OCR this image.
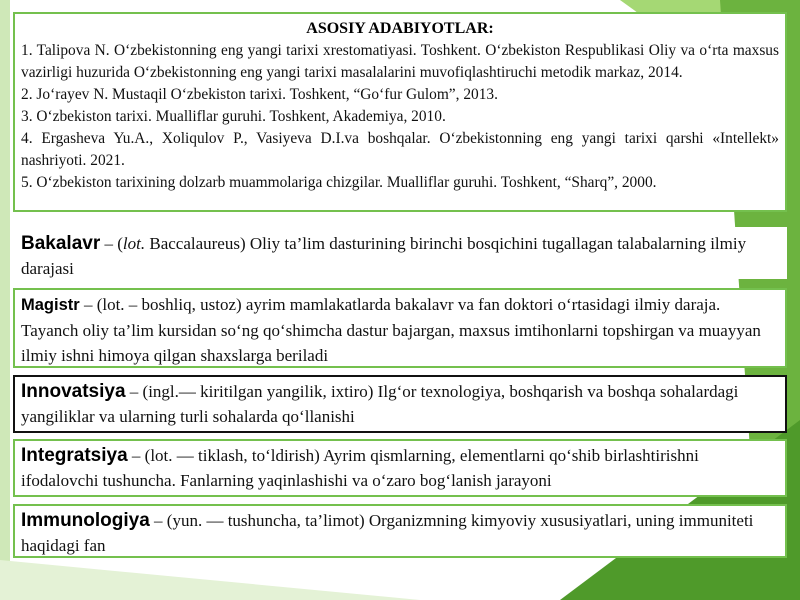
ASOSIY ADABIYOTLAR:

1. Talipova N. O‘zbekistonning eng yangi tarixi xrestomatiyasi. Toshkent. O‘zbekiston Respublikasi Oliy va o‘rta maxsus vazirligi huzurida O‘zbekistonning eng yangi tarixi masalalarini muvofiqlashtiruchi metodik markaz, 2014.

2. Jo‘rayev N. Mustaqil O‘zbekiston tarixi. Toshkent, “Go‘fur Gulom”, 2013.

3. O‘zbekiston tarixi. Mualliflar guruhi. Toshkent, Akademiya, 2010.

4. Ergasheva Yu.A., Xoliqulov P., Vasiyeva D.I.va boshqalar. O‘zbekistonning eng yangi tarixi qarshi «Intellekt» nashriyoti. 2021.

5. O‘zbekiston tarixining dolzarb muammolariga chizgilar. Mualliflar guruhi. Toshkent, “Sharq”, 2000.

Bakalavr – (lot. Baccalaureus) Oliy ta’lim dasturining birinchi bosqichini tugallagan talabalarning ilmiy darajasi

Magistr – (lot. – boshliq, ustoz) ayrim mamlakatlarda bakalavr va fan doktori o‘rtasidagi ilmiy daraja. Tayanch oliy ta’lim kursidan so‘ng qo‘shimcha dastur bajargan, maxsus imtihonlarni topshirgan va muayyan ilmiy ishni himoya qilgan shaxslarga beriladi

Innovatsiya – (ingl.— kiritilgan yangilik, ixtiro) Ilg‘or texnologiya, boshqarish va boshqa sohalardagi yangiliklar va ularning turli sohalarda qo‘llanishi

Integratsiya – (lot. — tiklash, to‘ldirish) Ayrim qismlarning, elementlarni qo‘shib birlashtirishni ifodalovchi tushuncha. Fanlarning yaqinlashishi va o‘zaro bog‘lanish jarayoni

Immunologiya – (yun. — tushuncha, ta’limot) Organizmning kimyoviy xususiyatlari, uning immuniteti haqidagi fan
